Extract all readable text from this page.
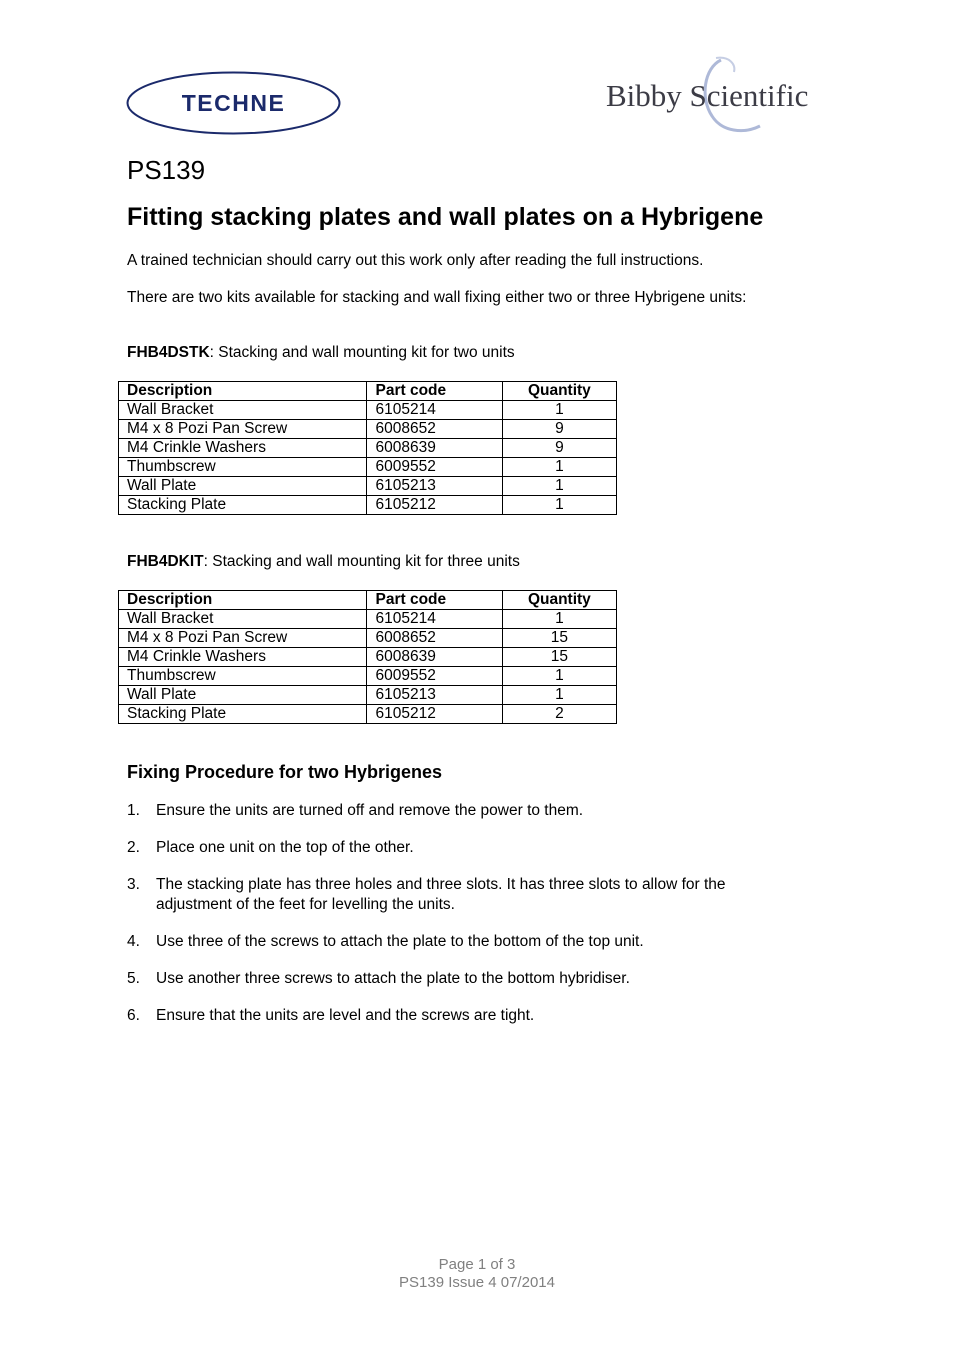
TECHNE	Bibby Scientific
PS139
Fitting stacking plates and wall plates on a Hybrigene

A trained technician should carry out this work only after reading the full instructions.

There are two kits available for stacking and wall fixing either two or three Hybrigene units:

FHB4DSTK: Stacking and wall mounting kit for two units

Description	Part code	Quantity
Wall Bracket	6105214	1
M4 x 8 Pozi Pan Screw	6008652	9
M4 Crinkle Washers	6008639	9
Thumbscrew	6009552	1
Wall Plate	6105213	1
Stacking Plate	6105212	1

FHB4DKIT: Stacking and wall mounting kit for three units

Description	Part code	Quantity
Wall Bracket	6105214	1
M4 x 8 Pozi Pan Screw	6008652	15
M4 Crinkle Washers	6008639	15
Thumbscrew	6009552	1
Wall Plate	6105213	1
Stacking Plate	6105212	2
Fixing Procedure for two Hybrigenes
1.	Ensure the units are turned off and remove the power to them.
2.	Place one unit on the top of the other.
3.	The stacking plate has three holes and three slots. It has three slots to allow for the adjustment of the feet for levelling the units.
4.	Use three of the screws to attach the plate to the bottom of the top unit.
5.	Use another three screws to attach the plate to the bottom hybridiser.
6.	Ensure that the units are level and the screws are tight.
Page 1 of 3
PS139 Issue 4 07/2014
